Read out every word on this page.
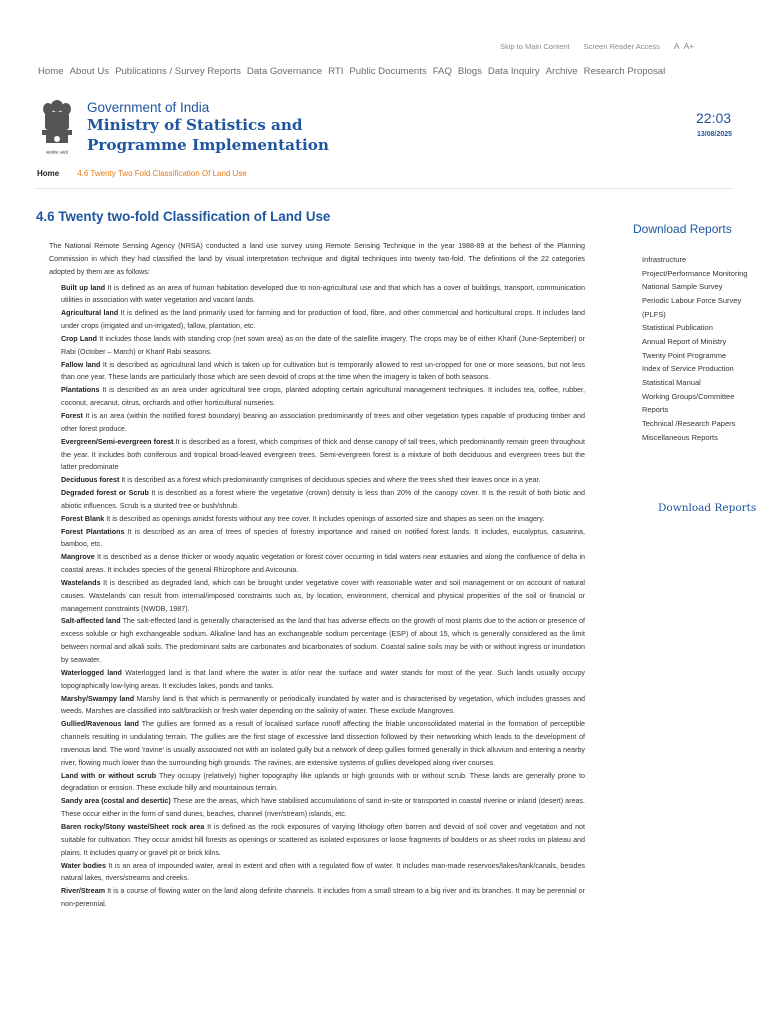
Skip to Main Content Screen Reader Access A A+
Home About Us Publications / Survey Reports Data Governance RTI Public Documents FAQ Blogs Data Inquiry Archive Research Proposal
सत्यमेव जयते
Government of India
Ministry of Statistics and
Programme Implementation
22:03
13/08/2025
Home 4.6 Twenty Two Fold Classification Of Land Use
4.6 Twenty two-fold Classification of Land Use

The National Remote Sensing Agency (NRSA) conducted a land use survey using Remote Sensing Technique in the year 1988-89 at the behest of the Planning Commission in which they had classified the land by visual interpretation technique and digital techniques into twenty two-fold. The definitions of the 22 categories adopted by them are as follows:

Built up land It is defined as an area of human habitation developed due to non-agricultural use and that which has a cover of buildings, transport, communication utilities in association with water vegetation and vacant lands.

Agricultural land It is defined as the land primarily used for farming and for production of food, fibre, and other commercial and horticultural crops. It includes land under crops (irrigated and un-irrigated), fallow, plantation, etc.

Crop Land It includes those lands with standing crop (net sown area) as on the date of the satellite imagery. The crops may be of either Kharif (June-September) or Rabi (October – March) or Kharif Rabi seasons.

Fallow land It is described as agricultural land which is taken up for cultivation but is temporarily allowed to rest un-cropped for one or more seasons, but not less than one year. These lands are particularly those which are seen devoid of crops at the time when the imagery is taken of both seasons.

Plantations It is described as an area under agricultural tree crops, planted adopting certain agricultural management techniques. It includes tea, coffee, rubber, coconut, arecanut, citrus, orchards and other horticultural nurseries.

Forest It is an area (within the notified forest boundary) bearing an association predominantly of trees and other vegetation types capable of producing timber and other forest produce.

Evergreen/Semi-evergreen forest It is described as a forest, which comprises of thick and dense canopy of tall trees, which predominantly remain green throughout the year. It includes both coniferous and tropical broad-leaved evergreen trees. Semi-evergreen forest is a mixture of both deciduous and evergreen trees but the latter predominate

Deciduous forest It is described as a forest which predominantly comprises of deciduous species and where the trees shed their leaves once in a year.

Degraded forest or Scrub It is described as a forest where the vegetative (crown) density is less than 20% of the canopy cover. It is the result of both biotic and abiotic influences. Scrub is a stunted tree or bush/shrub.

Forest Blank It is described as openings amidst forests without any tree cover. It includes openings of assorted size and shapes as seen on the imagery.

Forest Plantations It is described as an area of trees of species of forestry importance and raised on notified forest lands. It includes, eucalyptus, casuarina, bamboo, etc.

Mangrove It is described as a dense thicker or woody aquatic vegetation or forest cover occurring in tidal waters near estuaries and along the confluence of delta in coastal areas. It includes species of the general Rhizophore and Avicounia.

Wastelands It is described as degraded land, which can be brought under vegetative cover with reasonable water and soil management or on account of natural causes. Wastelands can result from internal/imposed constraints such as, by location, environment, chemical and physical properities of the soil or financial or management constraints (NWDB, 1987).

Salt-affected land The salt-effected land is generally characterised as the land that has adverse effects on the growth of most plants due to the action or presence of excess soluble or high exchangeable sodium. Alkaline land has an exchangeable sodium percentage (ESP) of about 15, which is generally considered as the limit between normal and alkali soils. The predominant salts are carbonates and bicarbonates of sodium. Coastal saline soils may be with or without ingress or inundation by seawater.

Waterlogged land Waterlogged land is that land where the water is at/or near the surface and water stands for most of the year. Such lands usually occupy topographically low-lying areas. It excludes lakes, ponds and tanks.

Marshy/Swampy land Marshy land is that which is permanently or periodically inundated by water and is characterised by vegetation, which includes grasses and weeds. Marshes are classified into salt/brackish or fresh water depending on the salinity of water. These exclude Mangroves.

Gullied/Ravenous land The gullies are formed as a result of localised surface runoff affecting the friable unconsolidated material in the formation of perceptible channels resulting in undulating terrain. The gullies are the first stage of excessive land dissection followed by their networking which leads to the development of ravenous land. The word 'ravine' is usually associated not with an isolated gully but a network of deep gullies formed generally in thick alluvium and entering a nearby river, flowing much lower than the surrounding high grounds. The ravines, are extensive systems of gullies developed along river courses.

Land with or without scrub They occupy (relatively) higher topography like uplands or high grounds with or without scrub. These lands are generally prone to degradation or erosion. These exclude hilly and mountainous terrain.

Sandy area (costal and desertic) These are the areas, which have stabilised accumulations of sand in-site or transported in coastal riverine or inland (desert) areas. These occur either in the form of sand dunes, beaches, channel (river/stream) islands, etc.

Baren rocky/Stony waste/Sheet rock area It is defined as the rock exposures of varying lithology often barren and devoid of soil cover and vegetation and not suitable for cultivation. They occur amidst hill forests as openings or scattered as isolated exposures or loose fragments of boulders or as sheet rocks on plateau and plains. It includes quarry or gravel pit or brick kilns.

Water bodies It is an area of impounded water, areal in extent and often with a regulated flow of water. It includes man-made reservoirs/lakes/tank/canals, besides natural lakes, rivers/streams and creeks.

River/Stream It is a course of flowing water on the land along definite channels. It includes from a small stream to a big river and its branches. It may be perennial or non-perennial.

Download Reports
Infrastructure
Project/Performance Monitoring
National Sample Survey
Periodic Labour Force Survey
(PLFS)
Statistical Publication
Annual Report of Ministry
Twenty Point Programme
Index of Service Production
Statistical Manual
Working Groups/Committee
Reports
Technical /Research Papers
Miscellaneous Reports
Download Reports
